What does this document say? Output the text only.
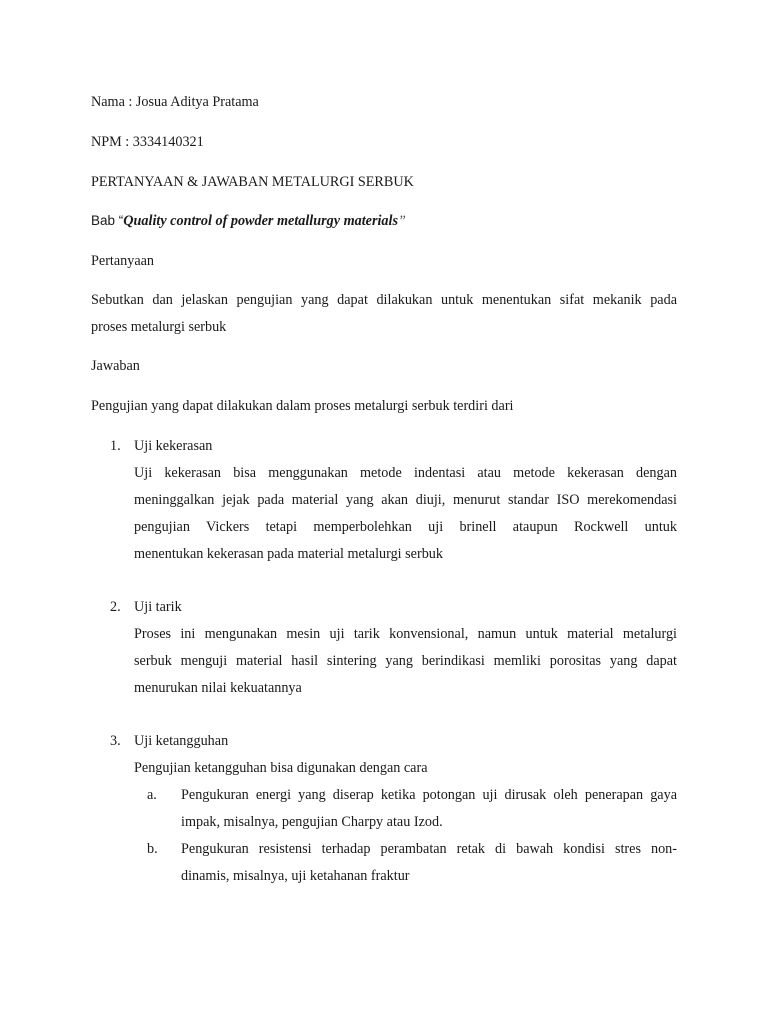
Nama : Josua Aditya Pratama
NPM : 3334140321
PERTANYAAN & JAWABAN METALURGI SERBUK
Bab “Quality control of powder metallurgy materials”
Pertanyaan
Sebutkan dan jelaskan pengujian yang dapat dilakukan untuk menentukan sifat mekanik pada
proses metalurgi serbuk
Jawaban
Pengujian yang dapat dilakukan dalam proses metalurgi serbuk terdiri dari
1. Uji kekerasan
Uji kekerasan bisa menggunakan metode indentasi atau metode kekerasan dengan
meninggalkan jejak pada material yang akan diuji, menurut standar ISO merekomendasi
pengujian Vickers tetapi memperbolehkan uji brinell ataupun Rockwell untuk
menentukan kekerasan pada material metalurgi serbuk
2. Uji tarik
Proses ini mengunakan mesin uji tarik konvensional, namun untuk material metalurgi
serbuk menguji material hasil sintering yang berindikasi memliki porositas yang dapat
menurukan nilai kekuatannya
3. Uji ketangguhan
Pengujian ketangguhan bisa digunakan dengan cara
a. Pengukuran energi yang diserap ketika potongan uji dirusak oleh penerapan gaya
impak, misalnya, pengujian Charpy atau Izod.
b. Pengukuran resistensi terhadap perambatan retak di bawah kondisi stres non-
dinamis, misalnya, uji ketahanan fraktur
